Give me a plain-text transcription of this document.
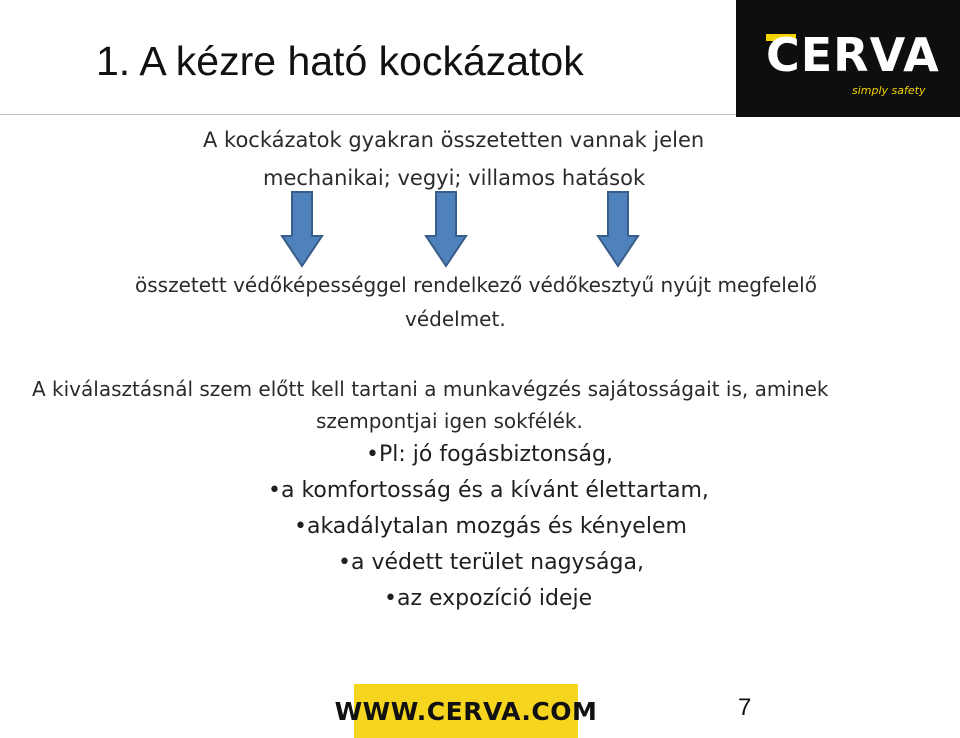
1. A kézre ható kockázatok	CERVA
simply safety
A kockázatok gyakran összetetten vannak jelen
mechanikai; vegyi; villamos hatások
összetett védőképességgel rendelkező védőkesztyű nyújt megfelelő
védelmet.
A kiválasztásnál szem előtt kell tartani a munkavégzés sajátosságait is, aminek
szempontjai igen sokfélék.
•Pl: jó fogásbiztonság,
•a komfortosság és a kívánt élettartam,
•akadálytalan mozgás és kényelem
•a védett terület nagysága,
•az expozíció ideje
WWW.CERVA.COM	7
